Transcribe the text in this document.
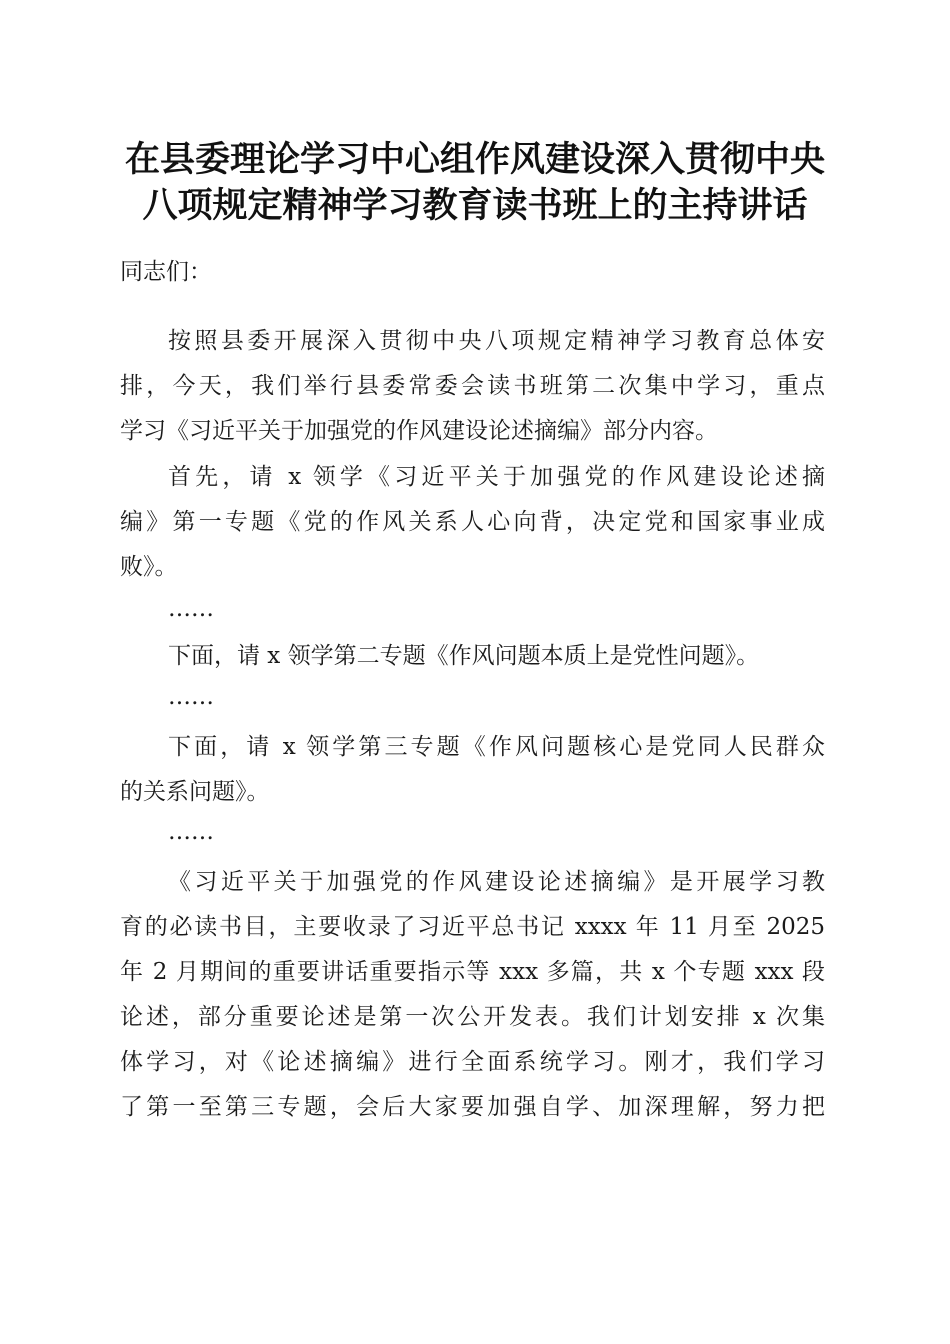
在县委理论学习中心组作风建设深入贯彻中央
八项规定精神学习教育读书班上的主持讲话
同志们：
按照县委开展深入贯彻中央八项规定精神学习教育总体安
排，今天，我们举行县委常委会读书班第二次集中学习，重点
学习《习近平关于加强党的作风建设论述摘编》部分内容。
首先，请 x 领学《习近平关于加强党的作风建设论述摘
编》第一专题《党的作风关系人心向背，决定党和国家事业成
败》。
……
下面，请 x 领学第二专题《作风问题本质上是党性问题》。
……
下面，请 x 领学第三专题《作风问题核心是党同人民群众
的关系问题》。
……
《习近平关于加强党的作风建设论述摘编》是开展学习教
育的必读书目，主要收录了习近平总书记 xxxx 年 11 月至 2025
年 2 月期间的重要讲话重要指示等 xxx 多篇，共 x 个专题 xxx 段
论述，部分重要论述是第一次公开发表。我们计划安排 x 次集
体学习，对《论述摘编》进行全面系统学习。刚才，我们学习
了第一至第三专题，会后大家要加强自学、加深理解，努力把
